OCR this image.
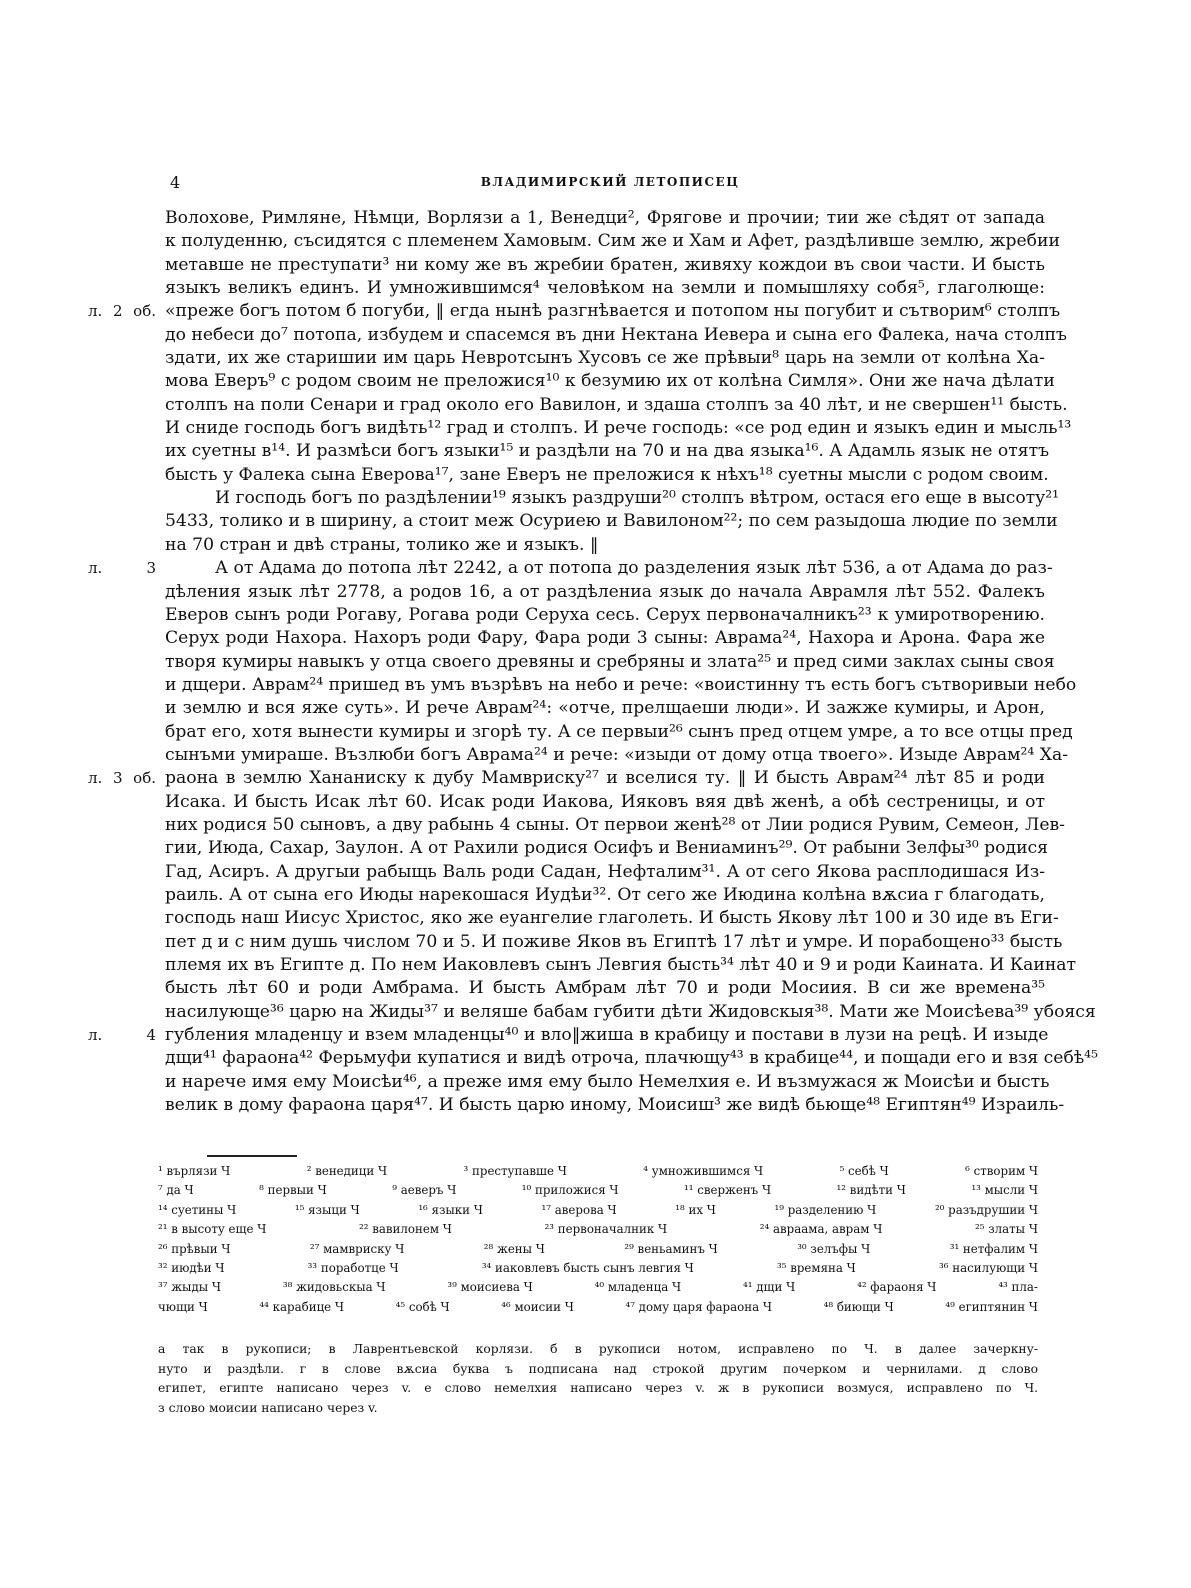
4	ВЛАДИМИРСКИЙ ЛЕТОПИСЕЦ
Волохове, Римляне, Нѣмци, Ворлязи а 1, Венедци², Фрягове и прочии; тии же сѣдят от запада
к полуденню, съсидятся с племенем Хамовым. Сим же и Хам и Афет, раздѣливше землю, жребии
метавше не преступати³ ни кому же въ жребии братен, живяху кождои въ свои части. И бысть
языкъ великъ единъ. И умножившимся⁴ человѣком на земли и помышляху собя⁵, глаголюще:
л. 2 об. «преже богъ потом б погуби, ‖ егда нынѣ разгнѣвается и потопом ны погубит и сътворим⁶ столпъ
до небеси до⁷ потопа, избудем и спасемся въ дни Нектана Иевера и сына его Фалека, нача столпъ
здати, их же старишии им царь Невротсынъ Хусовъ се же прѣвыи⁸ царь на земли от колѣна Ха-
мова Еверъ⁹ с родом своим не преложися¹⁰ к безумию их от колѣна Симля». Они же нача дѣлати
столпъ на поли Сенари и град около его Вавилон, и здаша столпъ за 40 лѣт, и не свершен¹¹ бысть.
И сниде господь богъ видѣть¹² град и столпъ. И рече господь: «се род един и языкъ един и мысль¹³
их суетны в¹⁴. И размѣси богъ языки¹⁵ и раздѣли на 70 и на два языка¹⁶. А Адамль язык не отятъ
бысть у Фалека сына Еверова¹⁷, зане Еверъ не преложися к нѣхъ¹⁸ суетны мысли с родом своим.
И господь богъ по раздѣлении¹⁹ языкъ раздруши²⁰ столпъ вѣтром, остася его еще в высоту²¹
5433, толико и в ширину, а стоит меж Осуриею и Вавилоном²²; по сем разыдоша людие по земли
на 70 стран и двѣ страны, толико же и языкъ. ‖
л. 3	А от Адама до потопа лѣт 2242, а от потопа до разделения язык лѣт 536, а от Адама до раз-
дѣления язык лѣт 2778, а родов 16, а от раздѣлениа язык до начала Аврамля лѣт 552. Фалекъ
Еверов сынъ роди Рогаву, Рогава роди Серуха сесь. Серух первоначалникъ²³ к умиротворению.
Серух роди Нахора. Нахоръ роди Фару, Фара роди 3 сыны: Аврама²⁴, Нахора и Арона. Фара же
творя кумиры навыкъ у отца своего древяны и сребряны и злата²⁵ и пред сими заклах сыны своя
и дщери. Аврам²⁴ пришед въ умъ възрѣвъ на небо и рече: «воистинну тъ есть богъ сътворивыи небо
и землю и вся яже суть». И рече Аврам²⁴: «отче, прелщаеши люди». И зажже кумиры, и Арон,
брат его, хотя вынести кумиры и згорѣ ту. А се первыи²⁶ сынъ пред отцем умре, а то все отцы пред
сынъми умираше. Възлюби богъ Аврама²⁴ и рече: «изыди от дому отца твоего». Изыде Аврам²⁴ Ха-
л. 3 об. раона в землю Хананиску к дубу Мамвриску²⁷ и вселися ту. ‖ И бысть Аврам²⁴ лѣт 85 и роди
Исака. И бысть Исак лѣт 60. Исак роди Иакова, Ияковъ вяя двѣ женѣ, а обѣ сестреницы, и от
них родися 50 сыновъ, а дву рабынь 4 сыны. От первои женѣ²⁸ от Лии родися Рувим, Семеон, Лев-
гии, Июда, Сахар, Заулон. А от Рахили родися Осифъ и Вениаминъ²⁹. От рабыни Зелфы³⁰ родися
Гад, Асиръ. А другыи рабыщь Валь роди Садан, Нефталим³¹. А от сего Якова расплодишася Из-
раиль. А от сына его Июды нарекошася Иудѣи³². От сего же Июдина колѣна вѫсиа г благодать,
господь наш Иисус Христос, яко же еуангелие глаголеть. И бысть Якову лѣт 100 и 30 иде въ Еги-
пет д и с ним душь числом 70 и 5. И поживе Яков въ Египтѣ 17 лѣт и умре. И порабощено³³ бысть
племя их въ Египте д. По нем Иаковлевъ сынъ Левгия бысть³⁴ лѣт 40 и 9 и роди Каината. И Каинат
бысть лѣт 60 и роди Амбрама. И бысть Амбрам лѣт 70 и роди Мосиия. В си же времена³⁵
насилующе³⁶ царю на Жиды³⁷ и веляше бабам губити дѣти Жидовскыя³⁸. Мати же Моисѣева³⁹ убояся
л. 4 губления младенцу и взем младенцы⁴⁰ и вло‖жиша в крабицу и постави в лузи на рецѣ. И изыде
дщи⁴¹ фараона⁴² Ферьмуфи купатися и видѣ отроча, плачющу⁴³ в крабице⁴⁴, и пощади его и взя себѣ⁴⁵
и нарече имя ему Моисѣи⁴⁶, а преже имя ему было Немелхия е. И възмужася ж Моисѣи и бысть
велик в дому фараона царя⁴⁷. И бысть царю иному, Моисиш³ же видѣ бьюще⁴⁸ Египтян⁴⁹ Израиль-
¹ върлязи Ч	² венедици Ч	³ преступавше Ч	⁴ умножившимся Ч	⁵ себѣ Ч	⁶ створим Ч
⁷ да Ч	⁸ первыи Ч	⁹ аеверъ Ч	¹⁰ приложися Ч	¹¹ сверженъ Ч	¹² видѣти Ч	¹³ мысли Ч
¹⁴ суетины Ч	¹⁵ языци Ч	¹⁶ языки Ч	¹⁷ аверова Ч	¹⁸ их Ч	¹⁹ разделению Ч	²⁰ разъдрушии Ч
²¹ в высоту еще Ч	²² вавилонем Ч	²³ первоначалник Ч	²⁴ авраама, аврам Ч	²⁵ златы Ч
²⁶ прѣвыи Ч	²⁷ мамвриску Ч	²⁸ жены Ч	²⁹ веньаминъ Ч	³⁰ зелъфы Ч	³¹ нетфалим Ч
³² июдѣи Ч	³³ поработце Ч	³⁴ иаковлевъ бысть сынъ левгия Ч	³⁵ времяна Ч	³⁶ насилующи Ч
³⁷ жыды Ч	³⁸ жидовьскыа Ч	³⁹ моисиева Ч	⁴⁰ младенца Ч	⁴¹ дщи Ч	⁴² фараоня Ч	⁴³ пла-
чющи Ч	⁴⁴ карабице Ч	⁴⁵ собѣ Ч	⁴⁶ моисии Ч	⁴⁷ дому царя фараона Ч	⁴⁸ биющи Ч	⁴⁹ египтянин Ч
а так в рукописи; в Лаврентьевской корлязи. б в рукописи нотом, исправлено по Ч. в далее зачеркну-
нуто и раздѣли. г в слове вѫсиа буква ъ подписана над строкой другим почерком и чернилами. д слово
египет, египте написано через v. е слово немелхия написано через v. ж в рукописи возмуся, исправлено по Ч.
з слово моисии написано через v.
